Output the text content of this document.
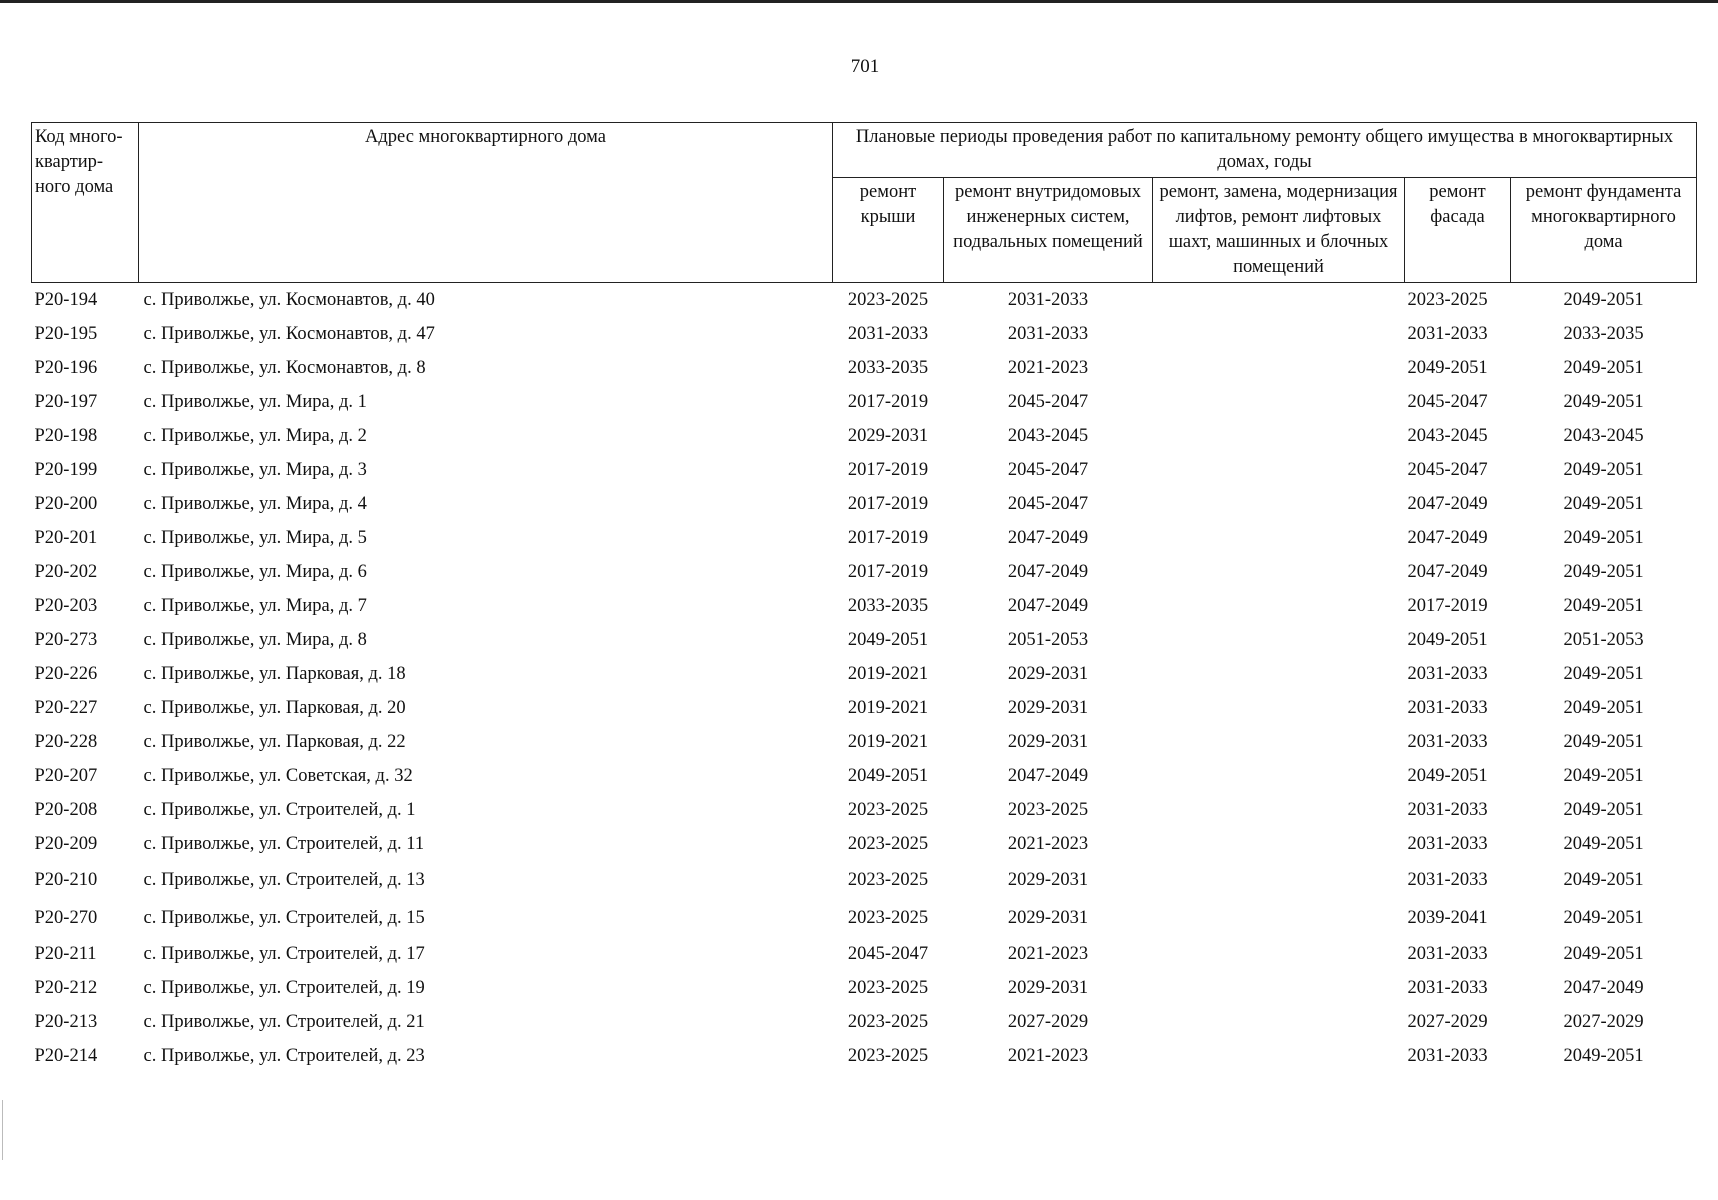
701
Код много-квартир-ного дома	Адрес многоквартирного дома	Плановые периоды проведения работ по капитальному ремонту общего имущества в многоквартирных домах, годы				
		ремонт крыши	ремонт внутридомовых инженерных систем, подвальных помещений	ремонт, замена, модернизация лифтов, ремонт лифтовых шахт, машинных и блочных помещений	ремонт фасада	ремонт фундамента многоквартирного дома
Р20-194	с. Приволжье, ул. Космонавтов, д. 40	2023-2025	2031-2033		2023-2025	2049-2051
Р20-195	с. Приволжье, ул. Космонавтов, д. 47	2031-2033	2031-2033		2031-2033	2033-2035
Р20-196	с. Приволжье, ул. Космонавтов, д. 8	2033-2035	2021-2023		2049-2051	2049-2051
Р20-197	с. Приволжье, ул. Мира, д. 1	2017-2019	2045-2047		2045-2047	2049-2051
Р20-198	с. Приволжье, ул. Мира, д. 2	2029-2031	2043-2045		2043-2045	2043-2045
Р20-199	с. Приволжье, ул. Мира, д. 3	2017-2019	2045-2047		2045-2047	2049-2051
Р20-200	с. Приволжье, ул. Мира, д. 4	2017-2019	2045-2047		2047-2049	2049-2051
Р20-201	с. Приволжье, ул. Мира, д. 5	2017-2019	2047-2049		2047-2049	2049-2051
Р20-202	с. Приволжье, ул. Мира, д. 6	2017-2019	2047-2049		2047-2049	2049-2051
Р20-203	с. Приволжье, ул. Мира, д. 7	2033-2035	2047-2049		2017-2019	2049-2051
Р20-273	с. Приволжье, ул. Мира, д. 8	2049-2051	2051-2053		2049-2051	2051-2053
Р20-226	с. Приволжье, ул. Парковая, д. 18	2019-2021	2029-2031		2031-2033	2049-2051
Р20-227	с. Приволжье, ул. Парковая, д. 20	2019-2021	2029-2031		2031-2033	2049-2051
Р20-228	с. Приволжье, ул. Парковая, д. 22	2019-2021	2029-2031		2031-2033	2049-2051
Р20-207	с. Приволжье, ул. Советская, д. 32	2049-2051	2047-2049		2049-2051	2049-2051
Р20-208	с. Приволжье, ул. Строителей, д. 1	2023-2025	2023-2025		2031-2033	2049-2051
Р20-209	с. Приволжье, ул. Строителей, д. 11	2023-2025	2021-2023		2031-2033	2049-2051
Р20-210	с. Приволжье, ул. Строителей, д. 13	2023-2025	2029-2031		2031-2033	2049-2051
Р20-270	с. Приволжье, ул. Строителей, д. 15	2023-2025	2029-2031		2039-2041	2049-2051
Р20-211	с. Приволжье, ул. Строителей, д. 17	2045-2047	2021-2023		2031-2033	2049-2051
Р20-212	с. Приволжье, ул. Строителей, д. 19	2023-2025	2029-2031		2031-2033	2047-2049
Р20-213	с. Приволжье, ул. Строителей, д. 21	2023-2025	2027-2029		2027-2029	2027-2029
Р20-214	с. Приволжье, ул. Строителей, д. 23	2023-2025	2021-2023		2031-2033	2049-2051
